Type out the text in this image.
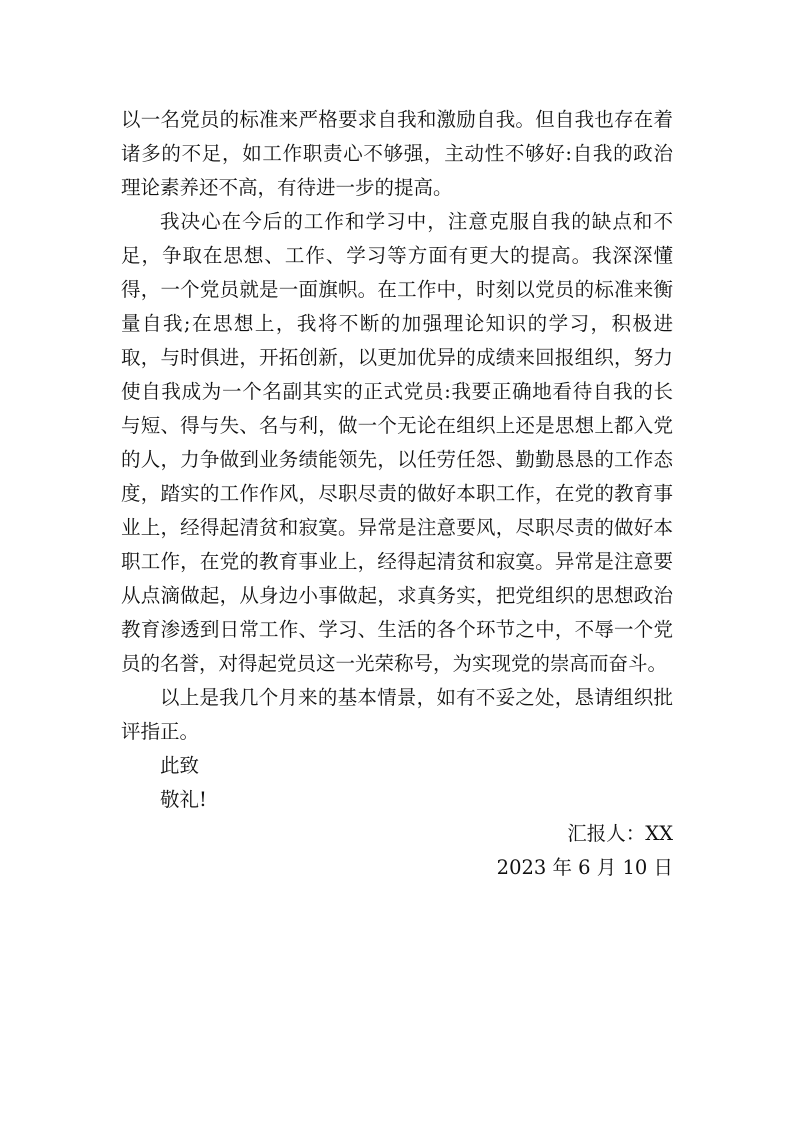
以一名党员的标准来严格要求自我和激励自我。但自我也存在着诸多的不足，如工作职责心不够强，主动性不够好:自我的政治理论素养还不高，有待进一步的提高。

我决心在今后的工作和学习中，注意克服自我的缺点和不足，争取在思想、工作、学习等方面有更大的提高。我深深懂得，一个党员就是一面旗帜。在工作中，时刻以党员的标准来衡量自我;在思想上，我将不断的加强理论知识的学习，积极进取，与时俱进，开拓创新，以更加优异的成绩来回报组织，努力使自我成为一个名副其实的正式党员:我要正确地看待自我的长与短、得与失、名与利，做一个无论在组织上还是思想上都入党的人，力争做到业务绩能领先，以任劳任怨、勤勤恳恳的工作态度，踏实的工作作风，尽职尽责的做好本职工作，在党的教育事业上，经得起清贫和寂寞。异常是注意要风，尽职尽责的做好本职工作，在党的教育事业上，经得起清贫和寂寞。异常是注意要从点滴做起，从身边小事做起，求真务实，把党组织的思想政治教育渗透到日常工作、学习、生活的各个环节之中，不辱一个党员的名誉，对得起党员这一光荣称号，为实现党的崇高而奋斗。

以上是我几个月来的基本情景，如有不妥之处，恳请组织批评指正。

此致

敬礼!

汇报人：XX

2023 年 6 月 10 日
